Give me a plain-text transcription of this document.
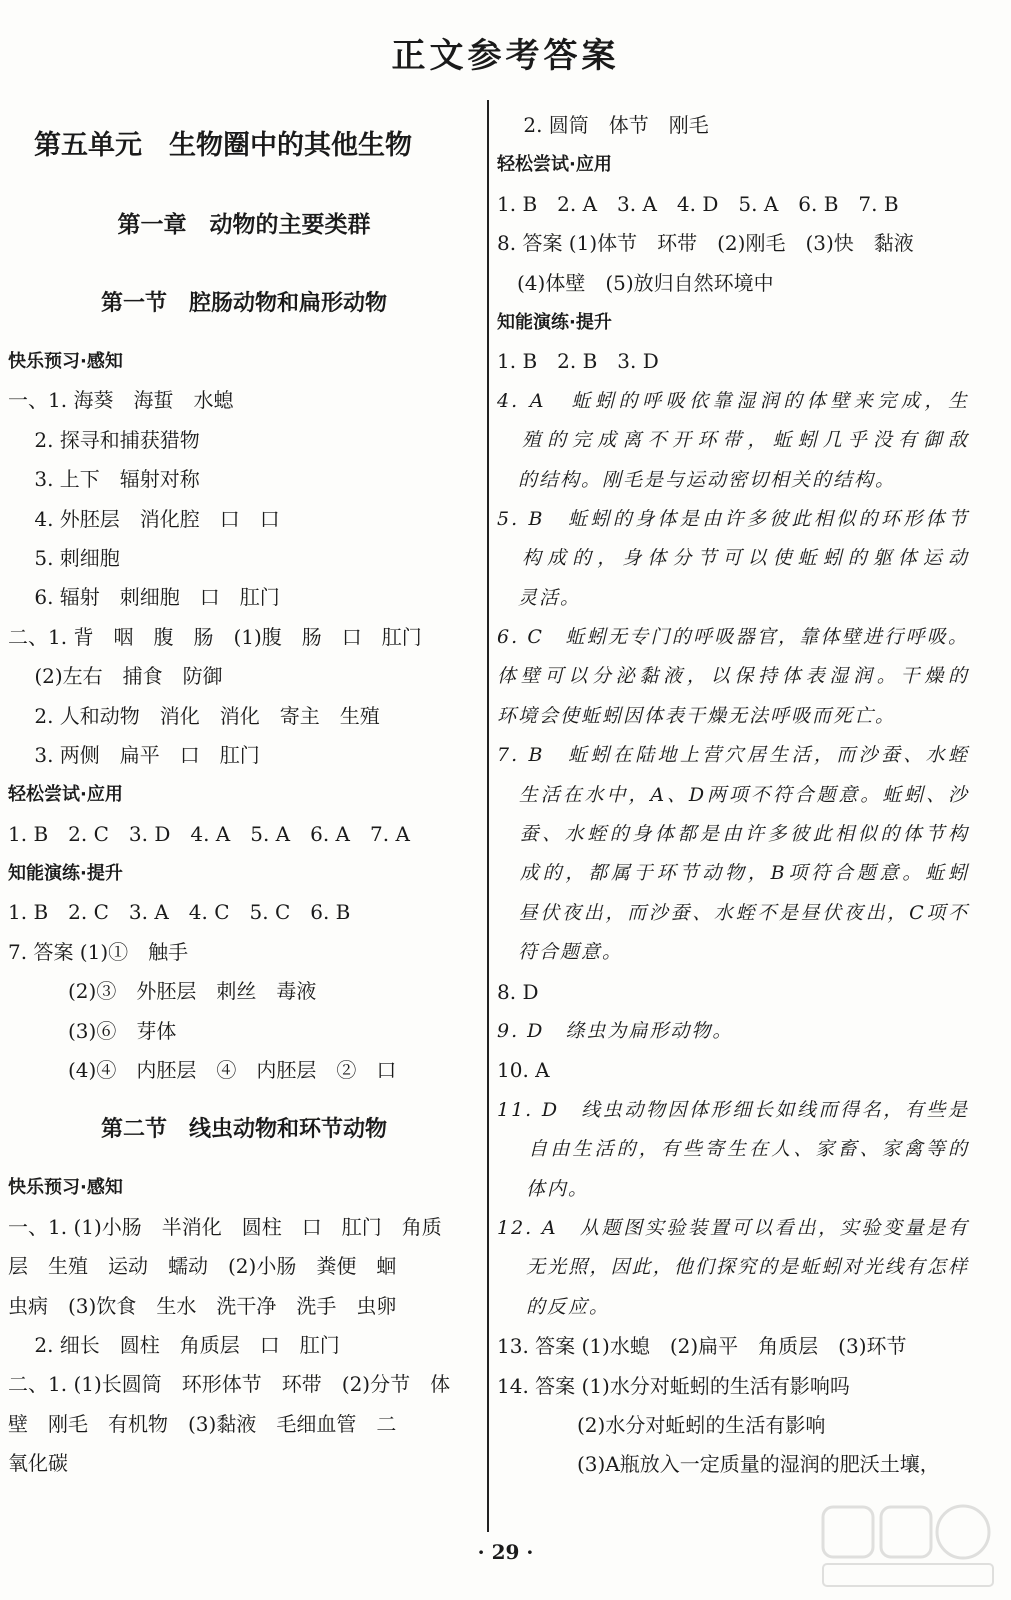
正文参考答案
第五单元　生物圈中的其他生物
第一章　动物的主要类群
第一节　腔肠动物和扁形动物
快乐预习·感知
一、1. 海葵　海蜇　水螅
　 2. 探寻和捕获猎物
　 3. 上下　辐射对称
　 4. 外胚层　消化腔　口　口
　 5. 刺细胞
　 6. 辐射　刺细胞　口　肛门
二、1. 背　咽　腹　肠　(1)腹　肠　口　肛门
　 (2)左右　捕食　防御
　 2. 人和动物　消化　消化　寄主　生殖
　 3. 两侧　扁平　口　肛门
轻松尝试·应用
1. B　2. C　3. D　4. A　5. A　6. A　7. A
知能演练·提升
1. B　2. C　3. A　4. C　5. C　6. B
7. 答案 (1)①　触手
　　　(2)③　外胚层　刺丝　毒液
　　　(3)⑥　芽体
　　　(4)④　内胚层　④　内胚层　②　口
第二节　线虫动物和环节动物
快乐预习·感知
一、1. (1)小肠　半消化　圆柱　口　肛门　角质
层　生殖　运动　蠕动　(2)小肠　粪便　蛔
虫病　(3)饮食　生水　洗干净　洗手　虫卵
　 2. 细长　圆柱　角质层　口　肛门
二、1. (1)长圆筒　环形体节　环带　(2)分节　体
壁　刚毛　有机物　(3)黏液　毛细血管　二
氧化碳
　 2. 圆筒　体节　刚毛
轻松尝试·应用
1. B　2. A　3. A　4. D　5. A　6. B　7. B
8. 答案 (1)体节　环带　(2)刚毛　(3)快　黏液
　(4)体壁　(5)放归自然环境中
知能演练·提升
1. B　2. B　3. D
4. A　蚯蚓的呼吸依靠湿润的体壁来完成，生
　殖的完成离不开环带，蚯蚓几乎没有御敌
　的结构。刚毛是与运动密切相关的结构。
5. B　蚯蚓的身体是由许多彼此相似的环形体节
　构成的，身体分节可以使蚯蚓的躯体运动
　灵活。
6. C　蚯蚓无专门的呼吸器官，靠体壁进行呼吸。
体壁可以分泌黏液，以保持体表湿润。干燥的
环境会使蚯蚓因体表干燥无法呼吸而死亡。
7. B　蚯蚓在陆地上营穴居生活，而沙蚕、水蛭
　生活在水中，A、D两项不符合题意。蚯蚓、沙
　蚕、水蛭的身体都是由许多彼此相似的体节构
　成的，都属于环节动物，B项符合题意。蚯蚓
　昼伏夜出，而沙蚕、水蛭不是昼伏夜出，C项不
　符合题意。
8. D
9. D　绦虫为扁形动物。
10. A
11. D　线虫动物因体形细长如线而得名，有些是
　 自由生活的，有些寄生在人、家畜、家禽等的
　 体内。
12. A　从题图实验装置可以看出，实验变量是有
　 无光照，因此，他们探究的是蚯蚓对光线有怎样
　 的反应。
13. 答案 (1)水螅　(2)扁平　角质层　(3)环节
14. 答案 (1)水分对蚯蚓的生活有影响吗
　　　　(2)水分对蚯蚓的生活有影响
　　　　(3)A瓶放入一定质量的湿润的肥沃土壤，
· 29 ·
